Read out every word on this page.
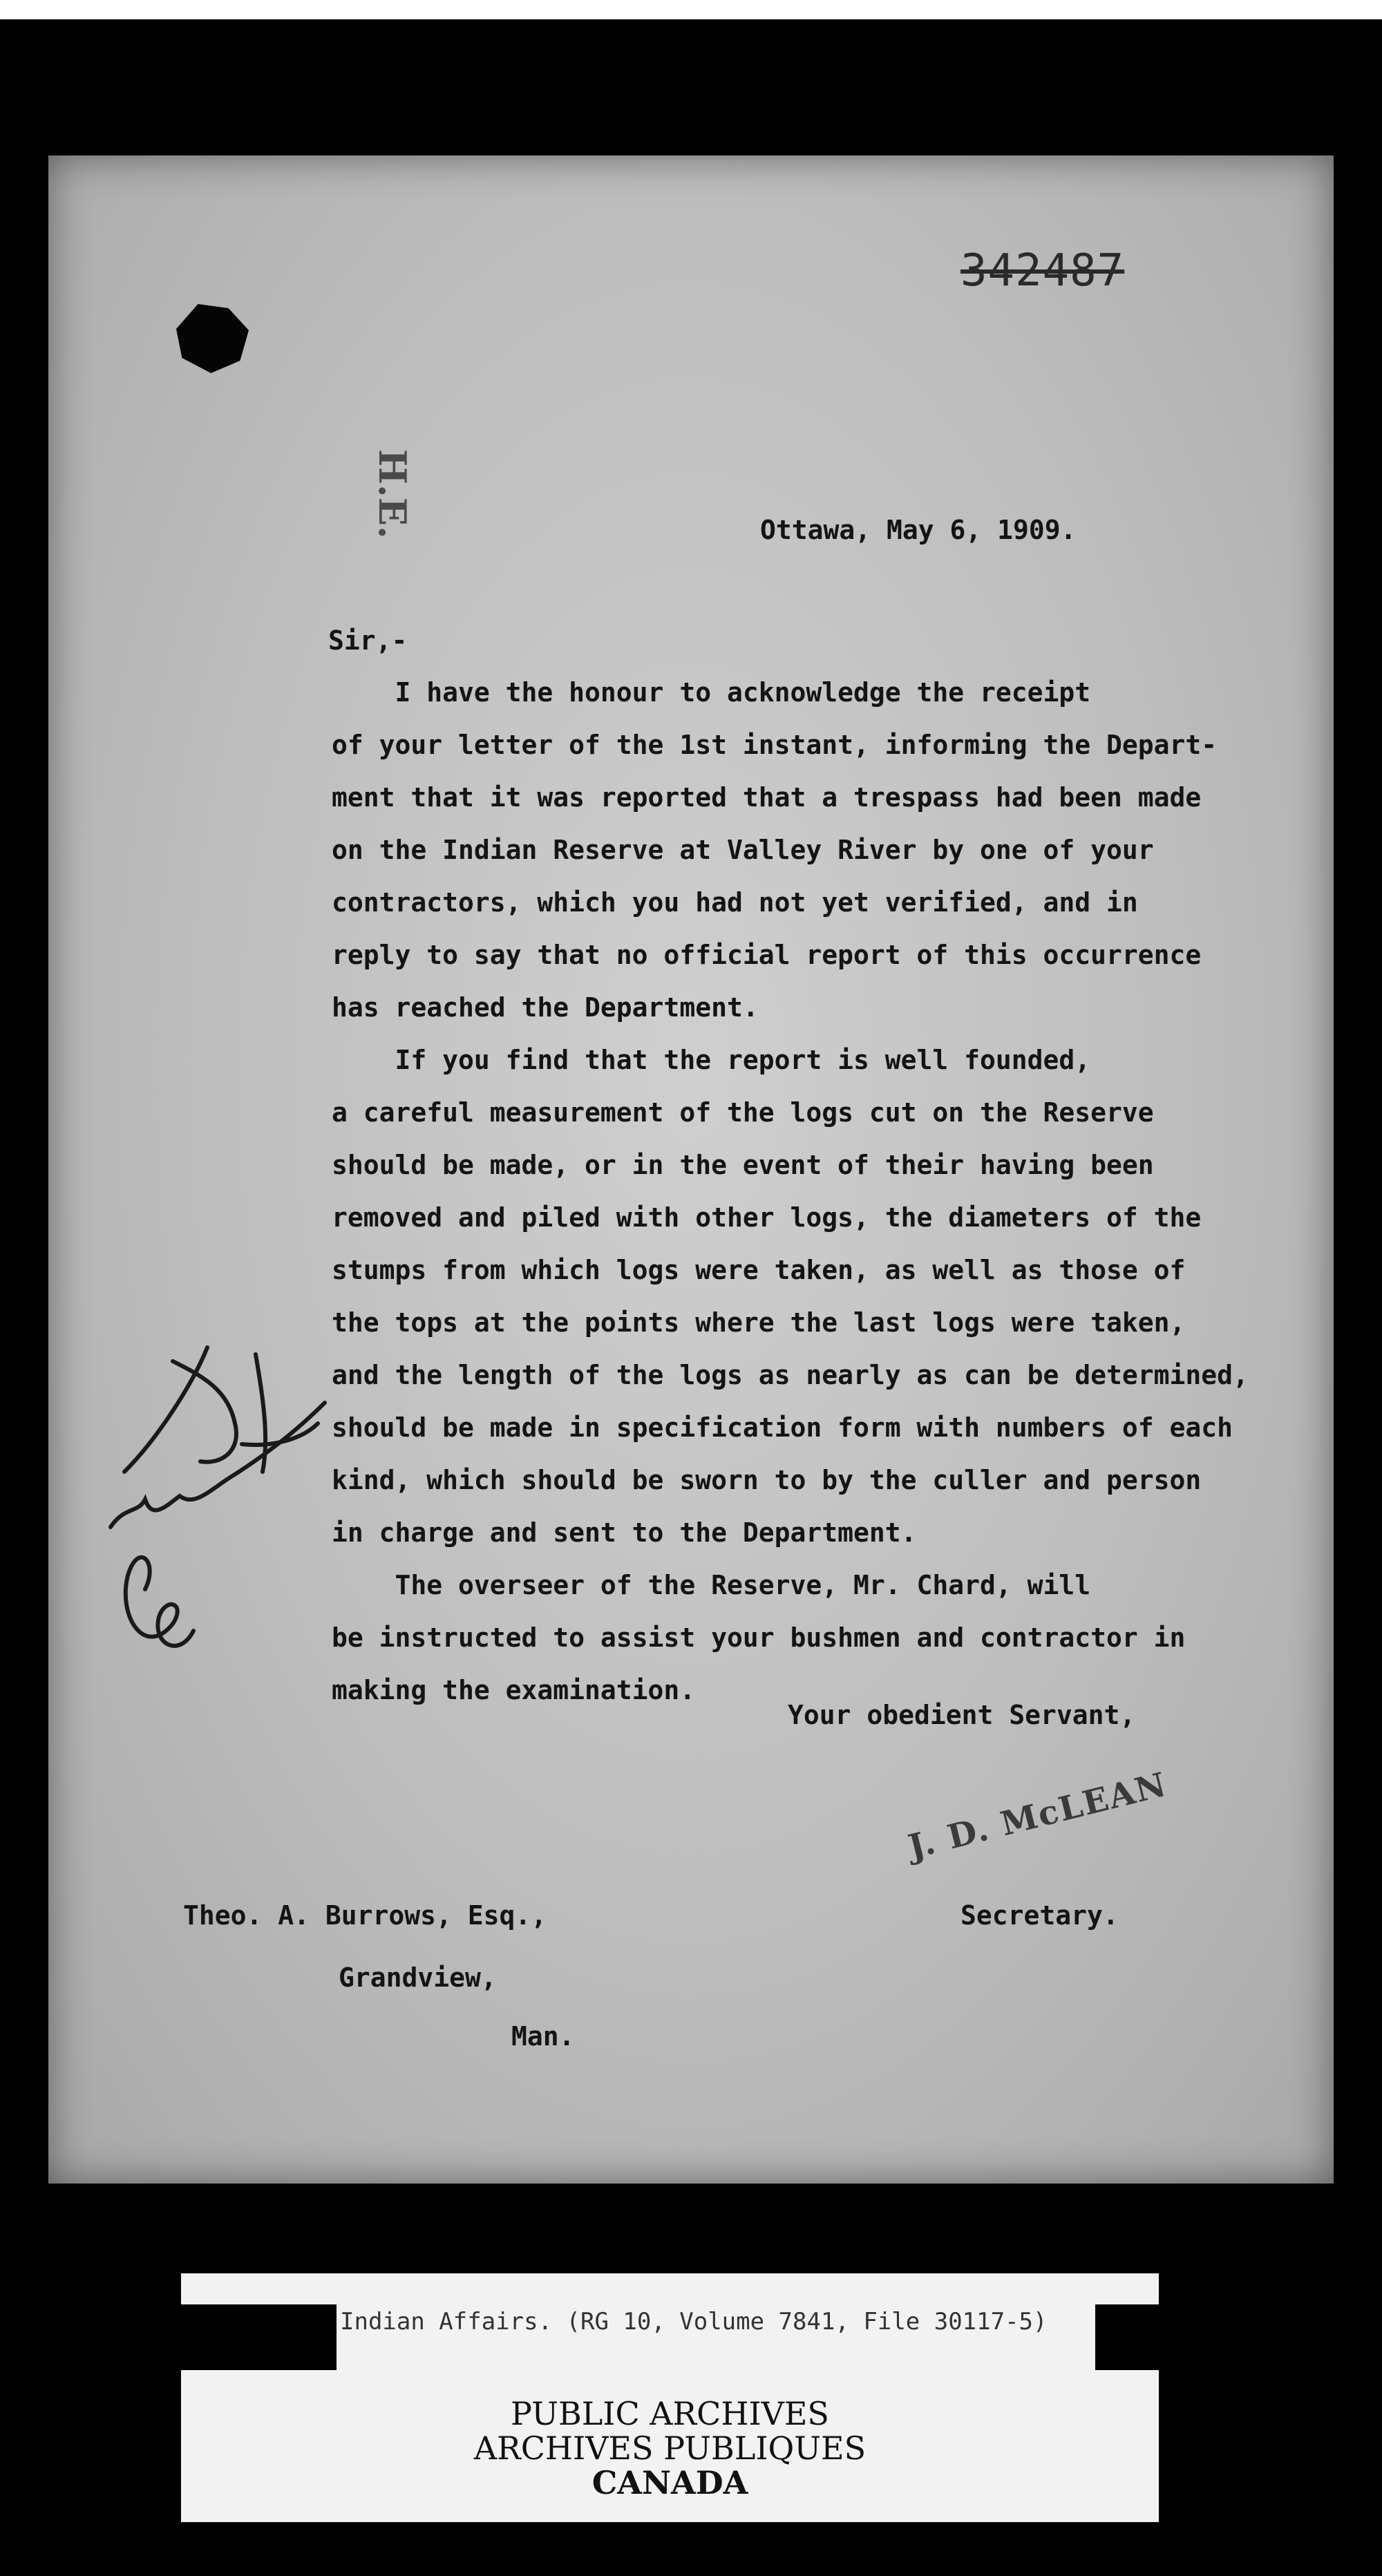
342487
H.E.	Ottawa, May 6, 1909.
Sir,-
I have the honour to acknowledge the receipt
of your letter of the 1st instant, informing the Depart-
ment that it was reported that a trespass had been made
on the Indian Reserve at Valley River by one of your
contractors, which you had not yet verified, and in
reply to say that no official report of this occurrence
has reached the Department.
If you find that the report is well founded,
a careful measurement of the logs cut on the Reserve
should be made, or in the event of their having been
removed and piled with other logs, the diameters of the
stumps from which logs were taken, as well as those of
the tops at the points where the last logs were taken,
and the length of the logs as nearly as can be determined,
should be made in specification form with numbers of each
kind, which should be sworn to by the culler and person
in charge and sent to the Department.
The overseer of the Reserve, Mr. Chard, will
be instructed to assist your bushmen and contractor in
making the examination.
Your obedient Servant,
J. D. McLEAN
Secretary.
Theo. A. Burrows, Esq.,
Grandview,
Man.
wa Lord
Indian Affairs. (RG 10, Volume 7841, File 30117-5)
PUBLIC ARCHIVES
ARCHIVES PUBLIQUES
CANADA
